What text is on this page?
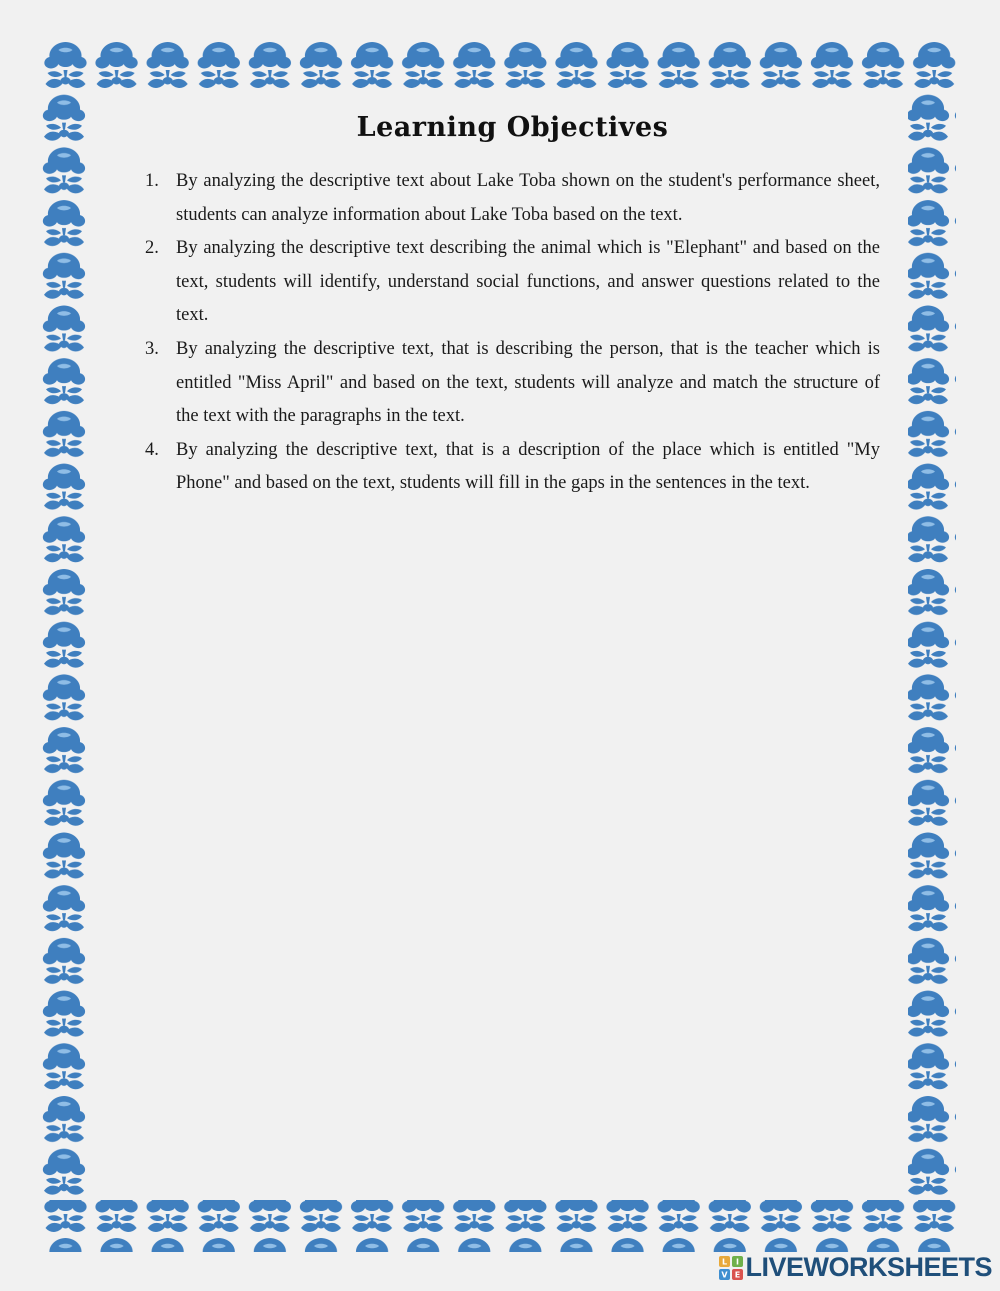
Learning Objectives
1. By analyzing the descriptive text about Lake Toba shown on the student's performance sheet, students can analyze information about Lake Toba based on the text.
2. By analyzing the descriptive text describing the animal which is "Elephant" and based on the text, students will identify, understand social functions, and answer questions related to the text.
3. By analyzing the descriptive text, that is describing the person, that is the teacher which is entitled "Miss April" and based on the text, students will analyze and match the structure of the text with the paragraphs in the text.
4. By analyzing the descriptive text, that is a description of the place which is entitled "My Phone" and based on the text, students will fill in the gaps in the sentences in the text.
L I
V E LIVEWORKSHEETS
